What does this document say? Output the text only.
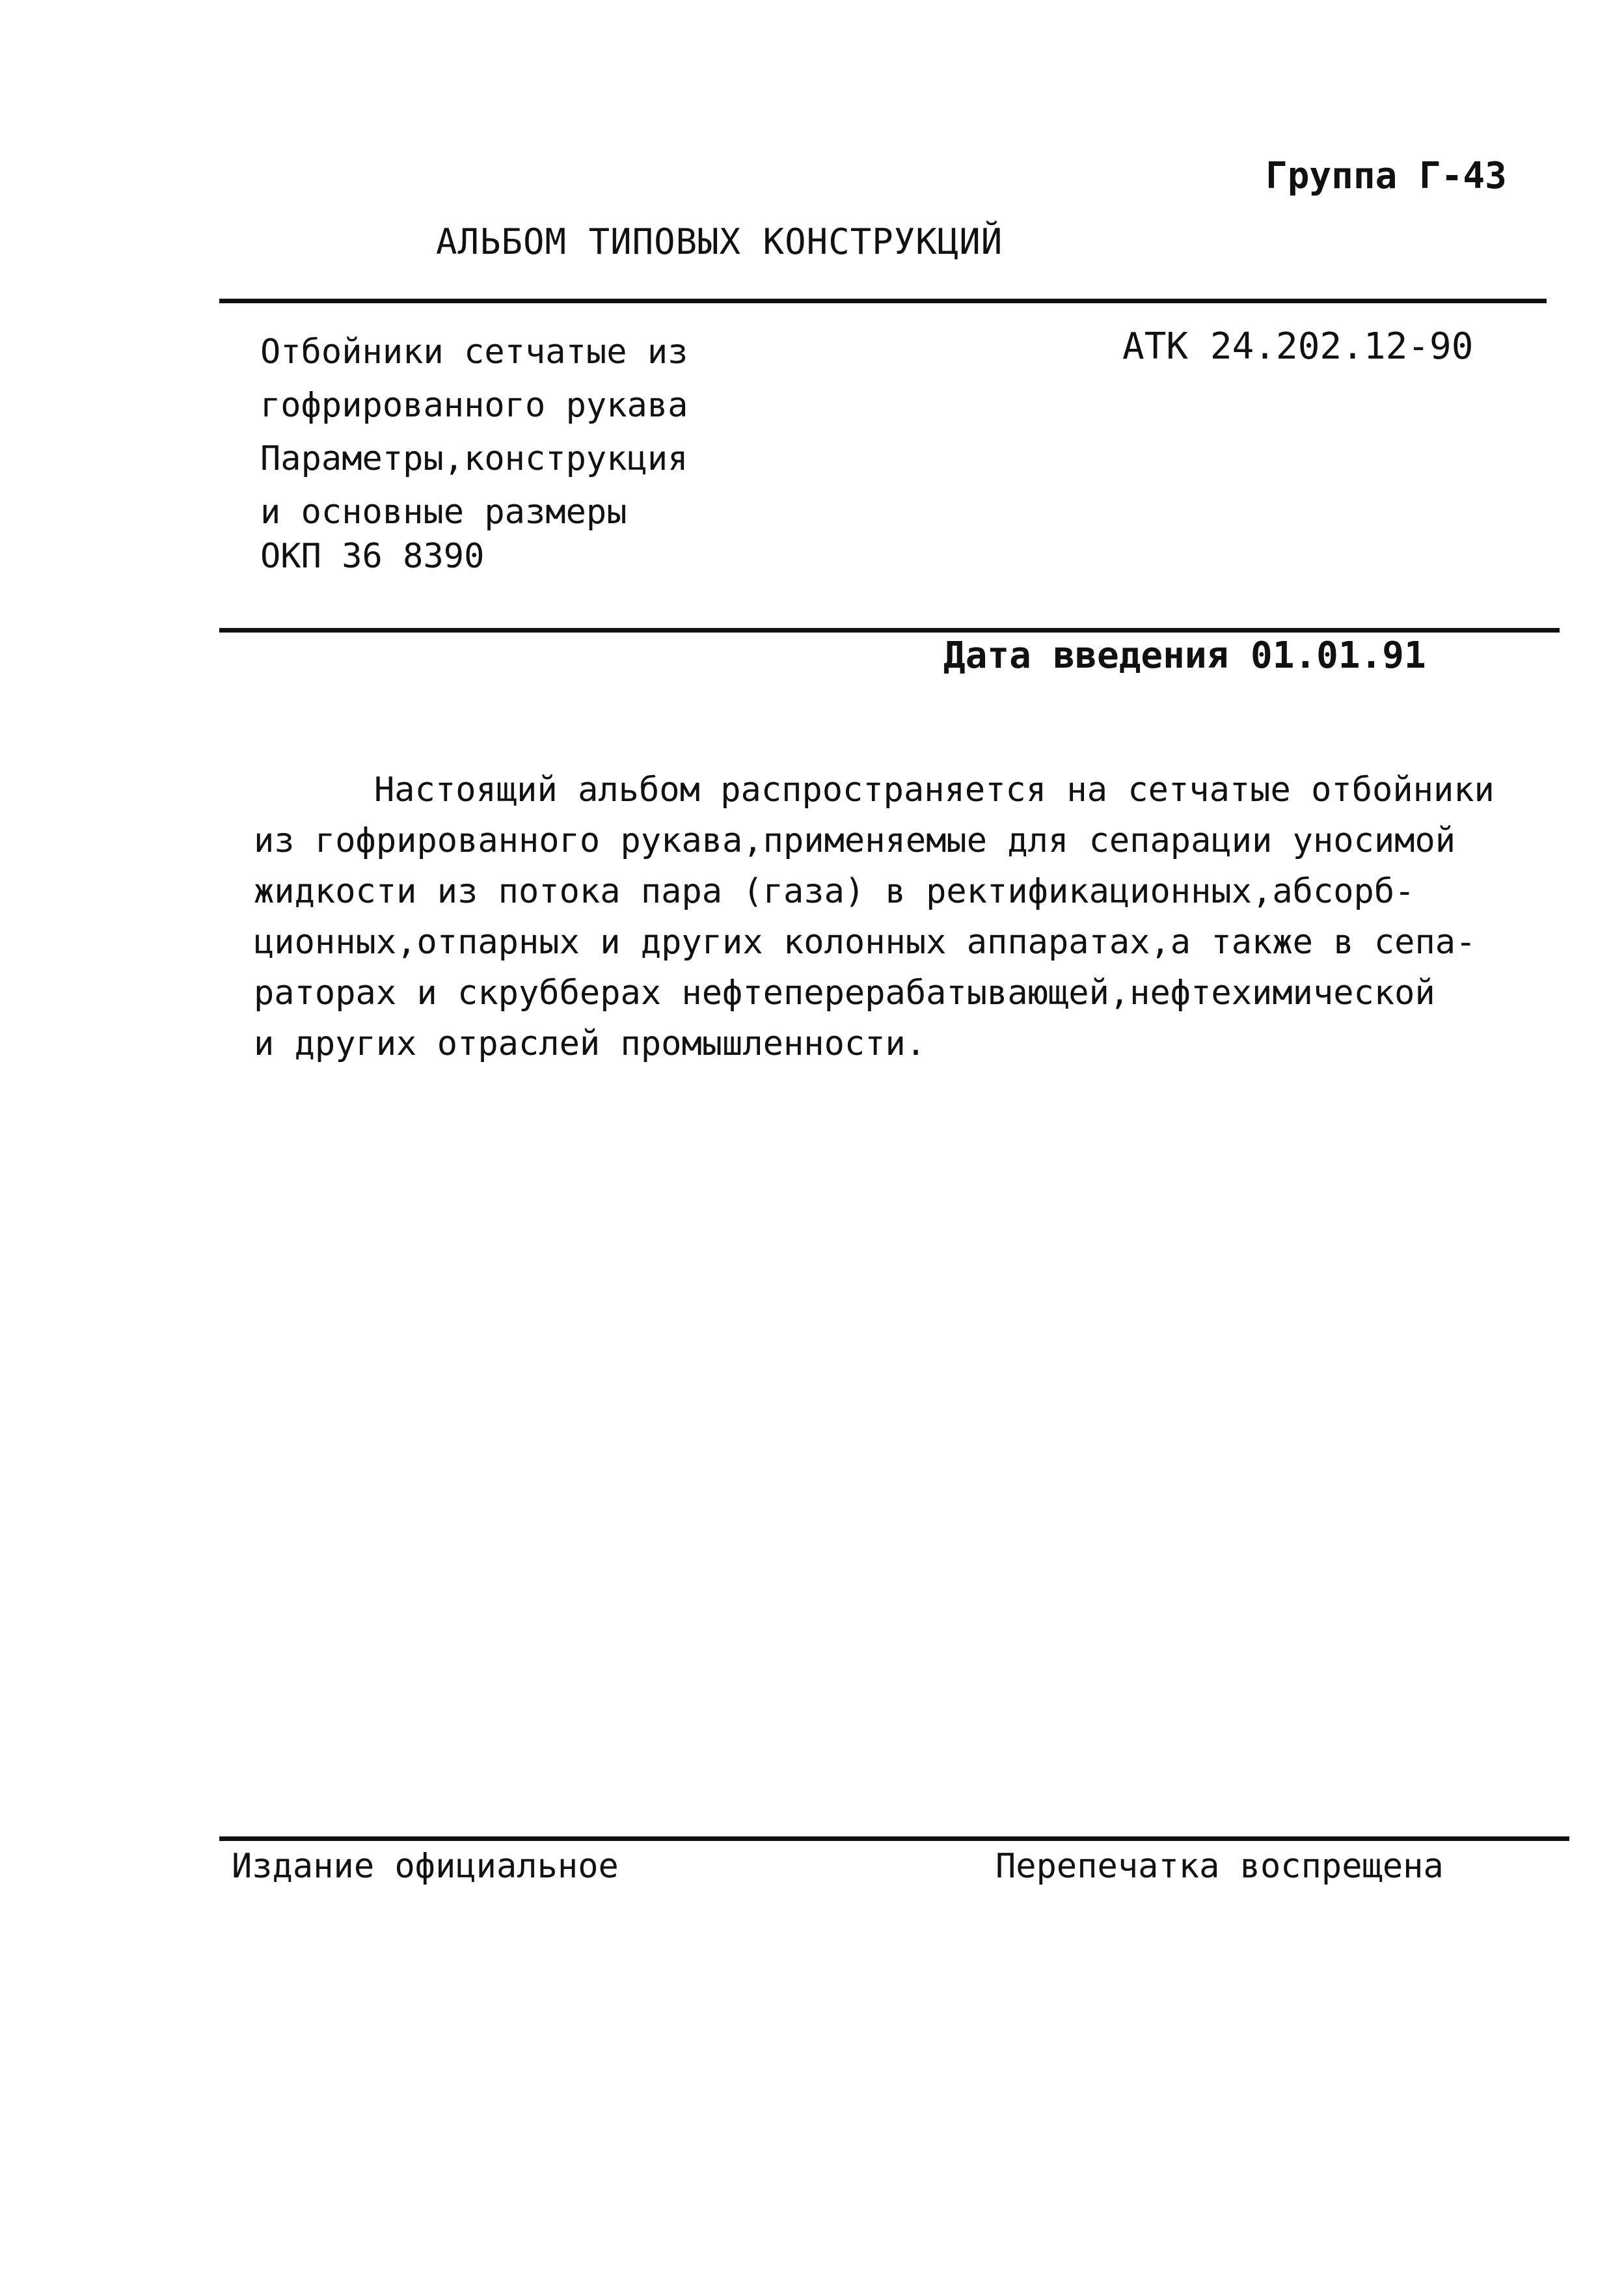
Группа Г-43
АЛЬБОМ ТИПОВЫХ КОНСТРУКЦИЙ
Отбойники сетчатые из
гофрированного рукава
Параметры,конструкция
и основные размеры
ОКП 36 8390
АТК 24.202.12-90
Дата введения 01.01.91
Настоящий альбом распространяется на сетчатые отбойники
из гофрированного рукава,применяемые для сепарации уносимой
жидкости из потока пара (газа) в ректификационных,абсорб-
ционных,отпарных и других колонных аппаратах,а также в сепа-
раторах и скрубберах нефтеперерабатывающей,нефтехимической
и других отраслей промышленности.
Издание официальное	Перепечатка воспрещена
